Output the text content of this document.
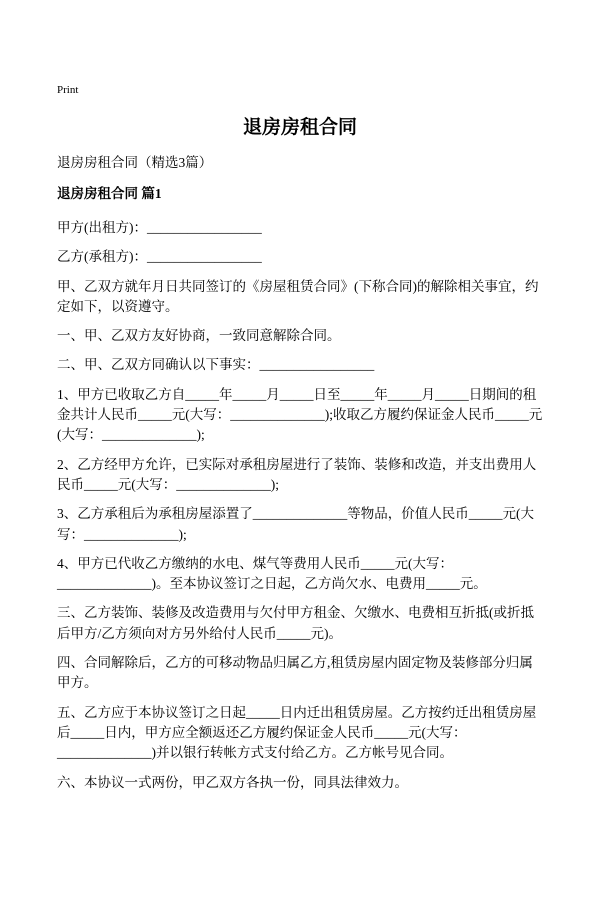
Print
退房房租合同
退房房租合同（精选3篇）
退房房租合同 篇1

甲方(出租方)：_________________

乙方(承租方)：_________________

甲、乙双方就年月日共同签订的《房屋租赁合同》(下称合同)的解除相关事宜，约
定如下，以资遵守。

一、甲、乙双方友好协商，一致同意解除合同。

二、甲、乙双方同确认以下事实：_________________

1、甲方已收取乙方自_____年_____月_____日至_____年_____月_____日期间的租
金共计人民币_____元(大写：______________);收取乙方履约保证金人民币_____元
(大写：______________);

2、乙方经甲方允许，已实际对承租房屋进行了装饰、装修和改造，并支出费用人
民币_____元(大写：______________);

3、乙方承租后为承租房屋添置了______________等物品，价值人民币_____元(大
写：______________);

4、甲方已代收乙方缴纳的水电、煤气等费用人民币_____元(大写：
______________)。至本协议签订之日起，乙方尚欠水、电费用_____元。

三、乙方装饰、装修及改造费用与欠付甲方租金、欠缴水、电费相互折抵(或折抵
后甲方/乙方须向对方另外给付人民币_____元)。

四、合同解除后，乙方的可移动物品归属乙方,租赁房屋内固定物及装修部分归属
甲方。

五、乙方应于本协议签订之日起_____日内迁出租赁房屋。乙方按约迁出租赁房屋
后_____日内，甲方应全额返还乙方履约保证金人民币_____元(大写：
______________)并以银行转帐方式支付给乙方。乙方帐号见合同。

六、本协议一式两份，甲乙双方各执一份，同具法律效力。
